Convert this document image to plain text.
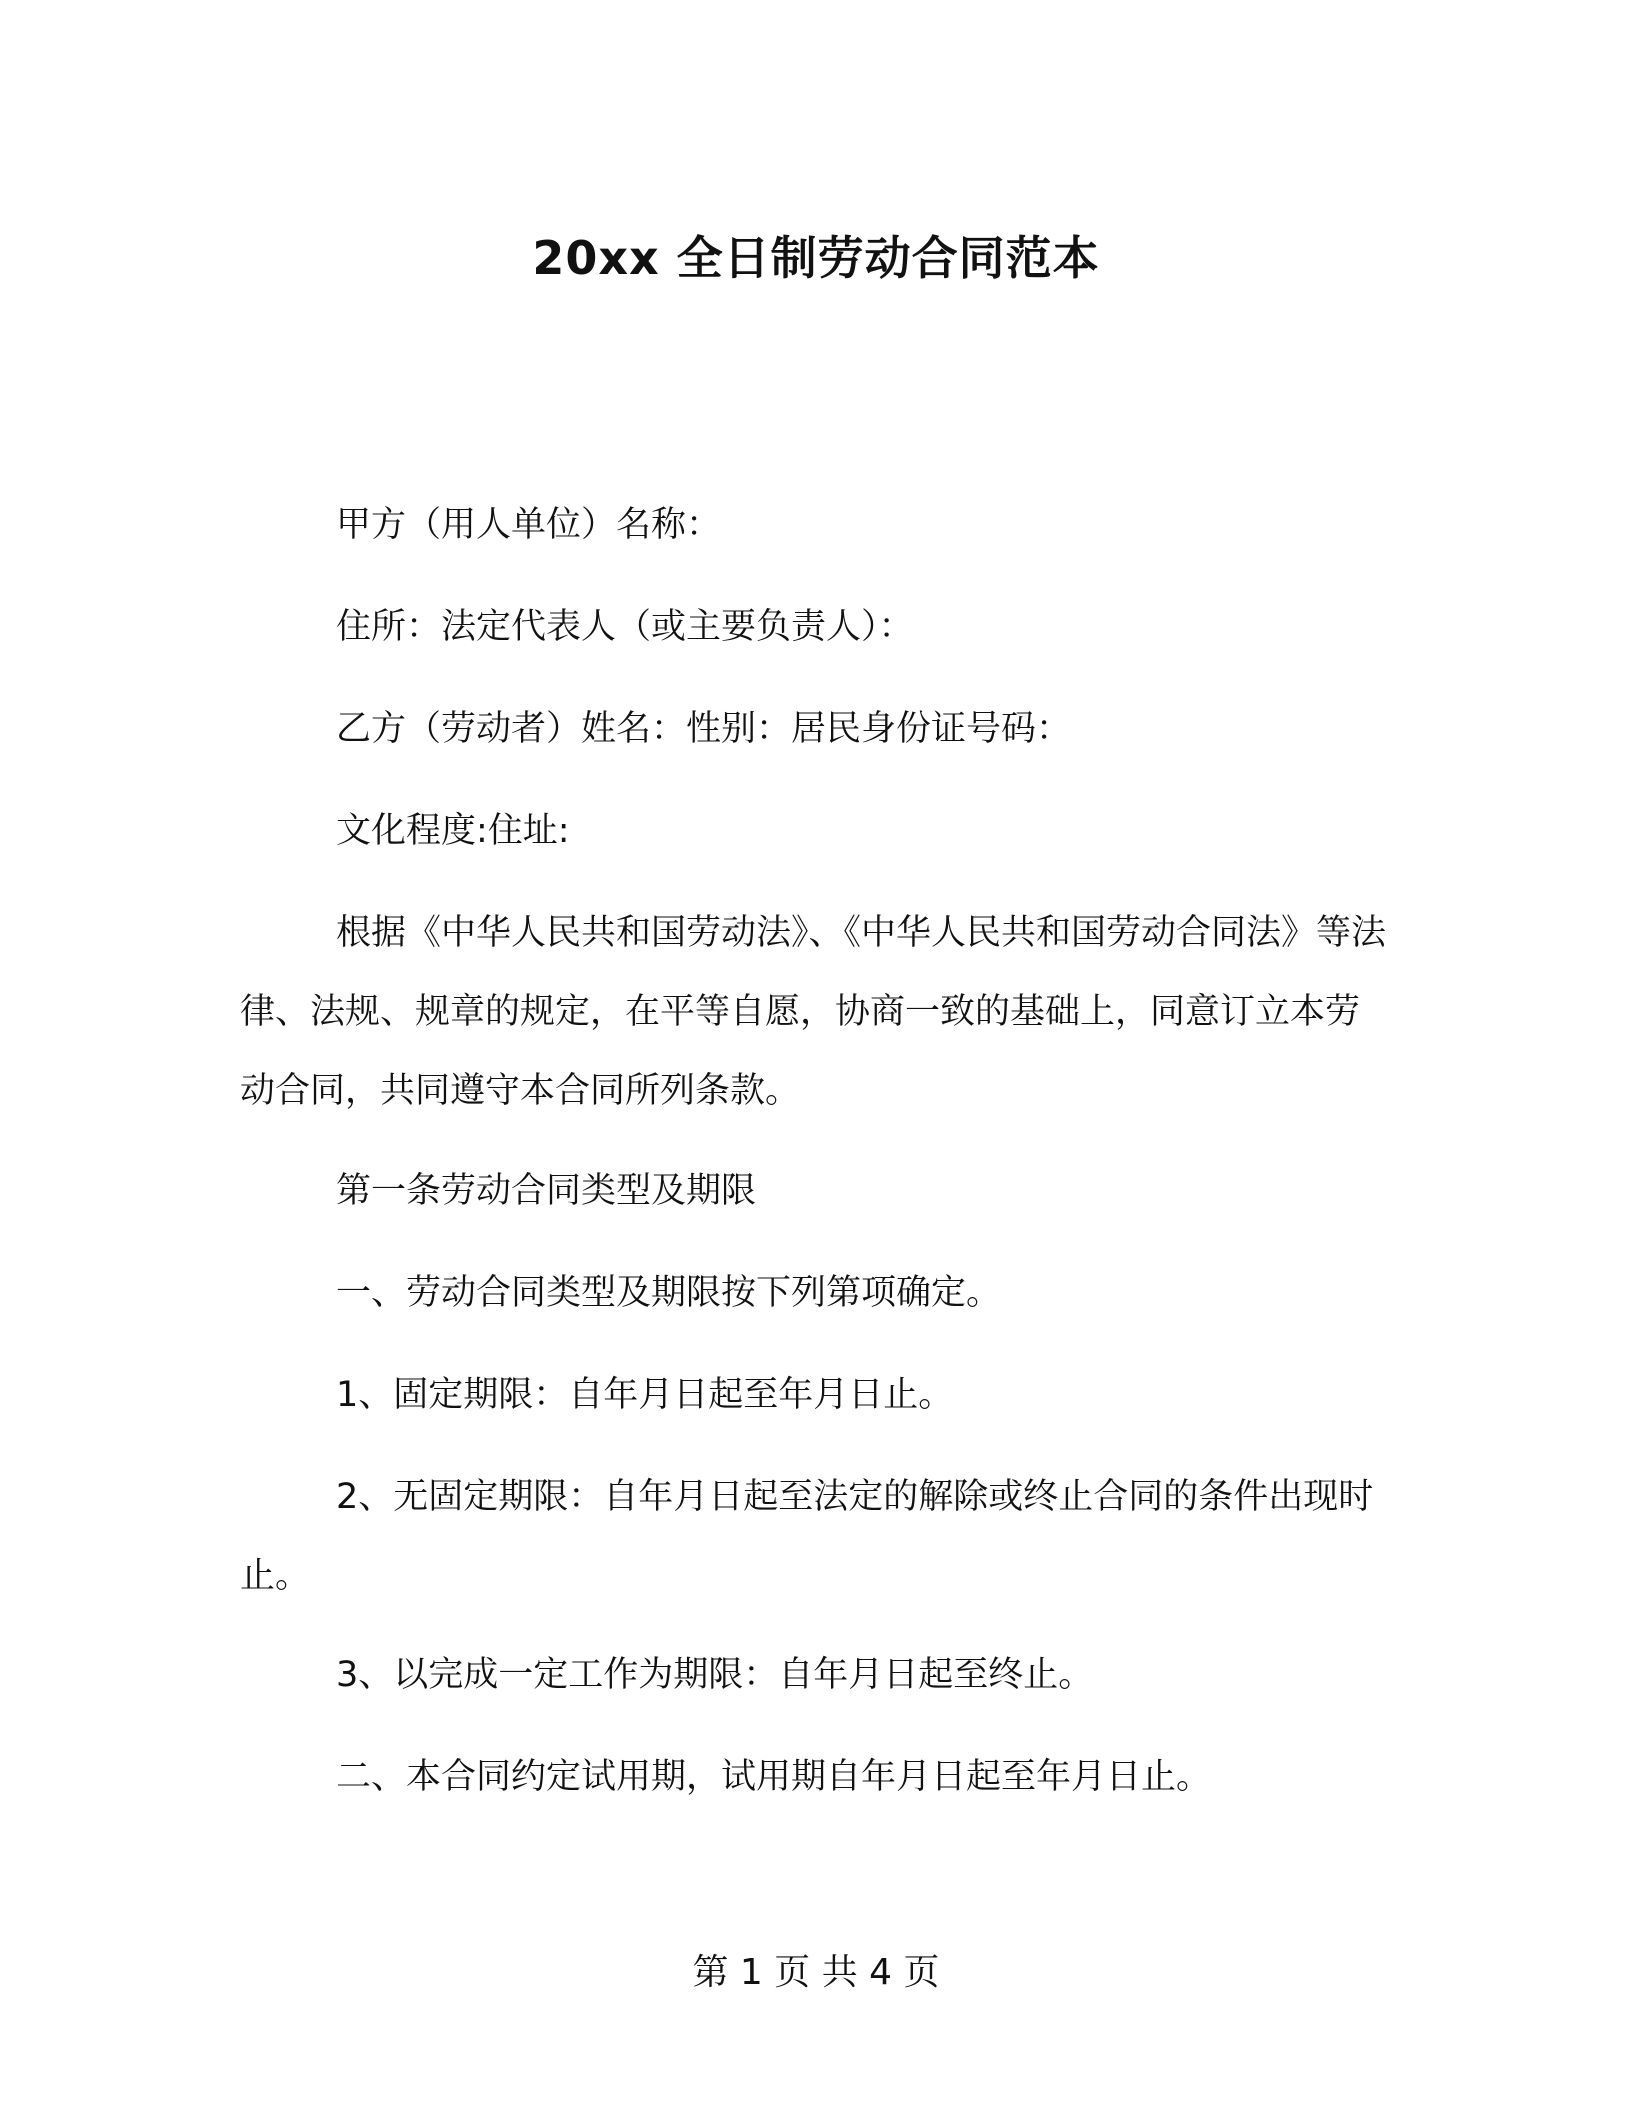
20xx 全日制劳动合同范本

甲方（用人单位）名称：

住所：法定代表人（或主要负责人）：

乙方（劳动者）姓名：性别：居民身份证号码：

文化程度:住址:

根据《中华人民共和国劳动法》、《中华人民共和国劳动合同法》等法律、法规、规章的规定，在平等自愿，协商一致的基础上，同意订立本劳动合同，共同遵守本合同所列条款。

第一条劳动合同类型及期限

一、劳动合同类型及期限按下列第项确定。

1、固定期限：自年月日起至年月日止。

2、无固定期限：自年月日起至法定的解除或终止合同的条件出现时止。

3、以完成一定工作为期限：自年月日起至终止。

二、本合同约定试用期，试用期自年月日起至年月日止。

第 1 页 共 4 页
